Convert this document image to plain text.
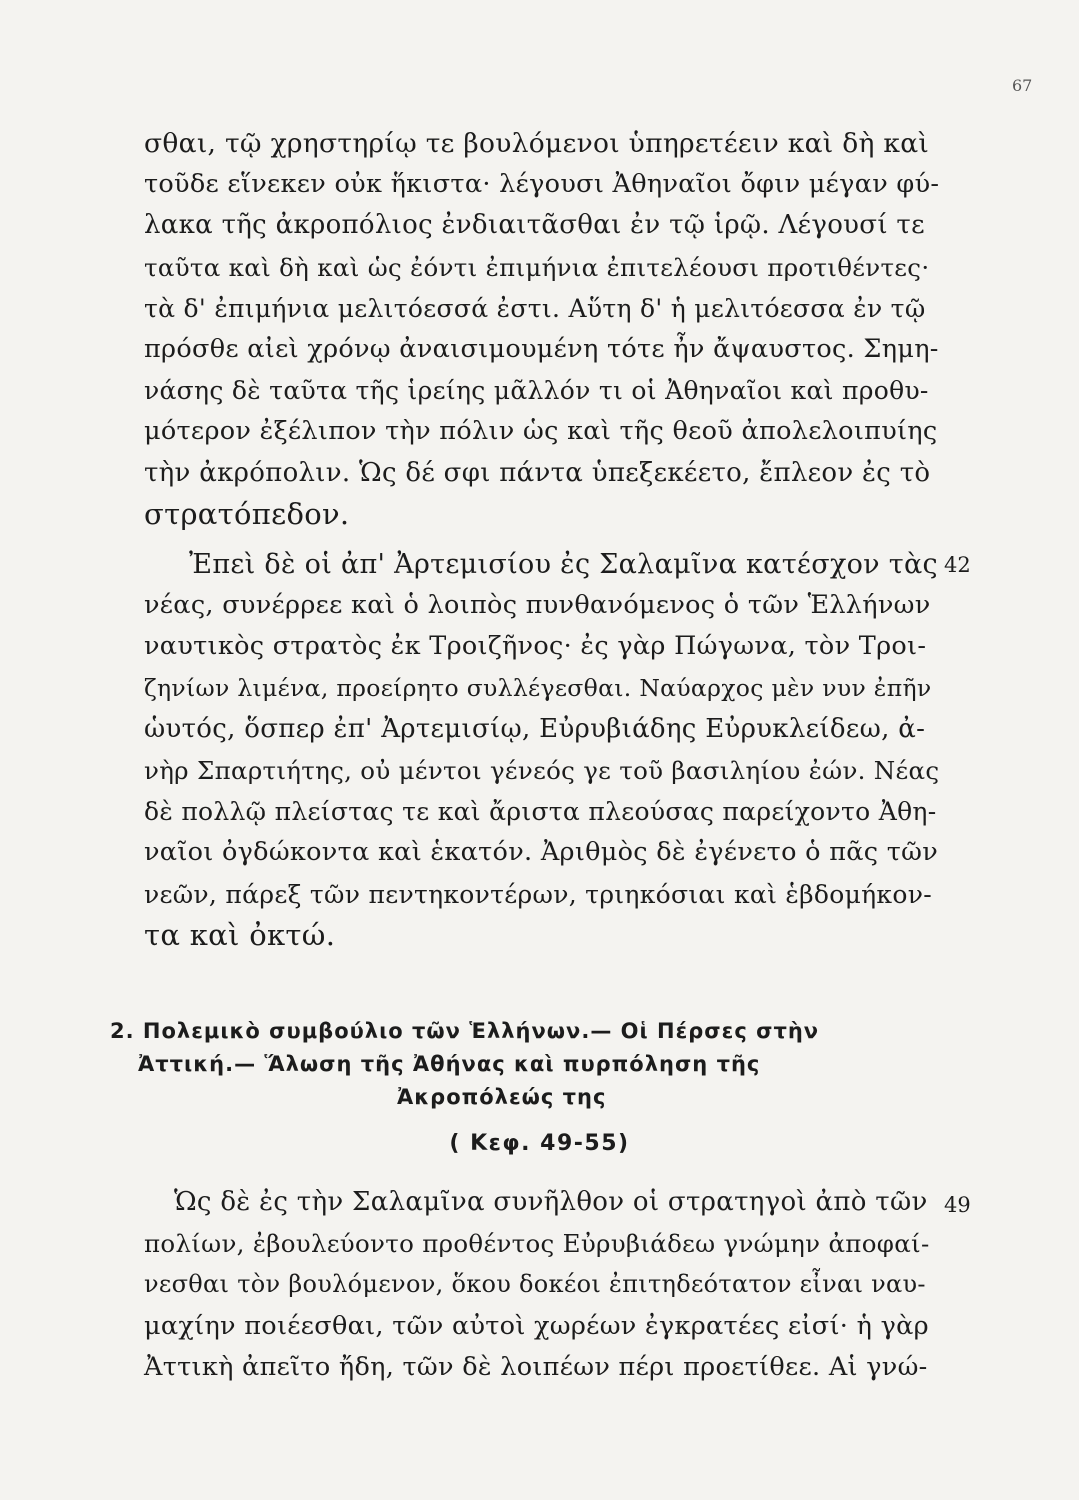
67
σθαι, τῷ χρηστηρίῳ τε βουλόμενοι ὑπηρετέειν καὶ δὴ καὶ
τοῦδε εἵνεκεν οὐκ ἥκιστα· λέγουσι Ἀθηναῖοι ὄφιν μέγαν φύ-
λακα τῆς ἀκροπόλιος ἐνδιαιτᾶσθαι ἐν τῷ ἱρῷ. Λέγουσί τε
ταῦτα καὶ δὴ καὶ ὡς ἐόντι ἐπιμήνια ἐπιτελέουσι προτιθέντες·
τὰ δ' ἐπιμήνια μελιτόεσσά ἐστι. Αὕτη δ' ἡ μελιτόεσσα ἐν τῷ
πρόσθε αἰεὶ χρόνῳ ἀναισιμουμένη τότε ἦν ἄψαυστος. Σημη-
νάσης δὲ ταῦτα τῆς ἱρείης μᾶλλόν τι οἱ Ἀθηναῖοι καὶ προθυ-
μότερον ἐξέλιπον τὴν πόλιν ὡς καὶ τῆς θεοῦ ἀπολελοιπυίης
τὴν ἀκρόπολιν. Ὡς δέ σφι πάντα ὑπεξεκέετο, ἔπλεον ἐς τὸ
στρατόπεδον.
42
Ἐπεὶ δὲ οἱ ἀπ' Ἀρτεμισίου ἐς Σαλαμῖνα κατέσχον τὰς
νέας, συνέρρεε καὶ ὁ λοιπὸς πυνθανόμενος ὁ τῶν Ἑλλήνων
ναυτικὸς στρατὸς ἐκ Τροιζῆνος· ἐς γὰρ Πώγωνα, τὸν Τροι-
ζηνίων λιμένα, προείρητο συλλέγεσθαι. Ναύαρχος μὲν νυν ἐπῆν
ὡυτός, ὅσπερ ἐπ' Ἀρτεμισίῳ, Εὐρυβιάδης Εὐρυκλείδεω, ἀ-
νὴρ Σπαρτιήτης, οὐ μέντοι γένεός γε τοῦ βασιληίου ἐών. Νέας
δὲ πολλῷ πλείστας τε καὶ ἄριστα πλεούσας παρείχοντο Ἀθη-
ναῖοι ὀγδώκοντα καὶ ἑκατόν. Ἀριθμὸς δὲ ἐγένετο ὁ πᾶς τῶν
νεῶν, πάρεξ τῶν πεντηκοντέρων, τριηκόσιαι καὶ ἑβδομήκον-
τα καὶ ὀκτώ.
2. Πολεμικὸ συμβούλιο τῶν Ἑλλήνων.— Οἱ Πέρσες στὴν
Ἀττική.— Ἅλωση τῆς Ἀθήνας καὶ πυρπόληση τῆς
Ἀκροπόλεώς της
( Κεφ. 49-55)
49
Ὡς δὲ ἐς τὴν Σαλαμῖνα συνῆλθον οἱ στρατηγοὶ ἀπὸ τῶν
πολίων, ἐβουλεύοντο προθέντος Εὐρυβιάδεω γνώμην ἀποφαί-
νεσθαι τὸν βουλόμενον, ὅκου δοκέοι ἐπιτηδεότατον εἶναι ναυ-
μαχίην ποιέεσθαι, τῶν αὐτοὶ χωρέων ἐγκρατέες εἰσί· ἡ γὰρ
Ἀττικὴ ἀπεῖτο ἤδη, τῶν δὲ λοιπέων πέρι προετίθεε. Αἱ γνώ-
